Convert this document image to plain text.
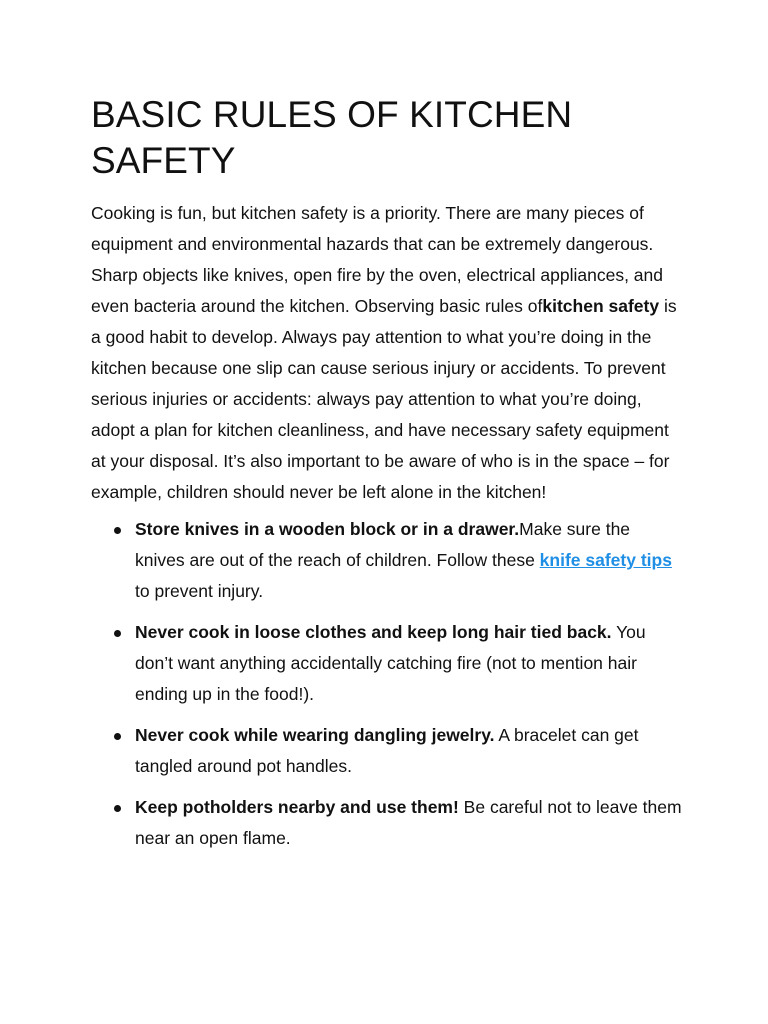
BASIC RULES OF KITCHEN SAFETY

Cooking is fun, but kitchen safety is a priority. There are many pieces of equipment and environmental hazards that can be extremely dangerous. Sharp objects like knives, open fire by the oven, electrical appliances, and even bacteria around the kitchen. Observing basic rules ofkitchen safety is a good habit to develop. Always pay attention to what you’re doing in the kitchen because one slip can cause serious injury or accidents. To prevent serious injuries or accidents: always pay attention to what you’re doing, adopt a plan for kitchen cleanliness, and have necessary safety equipment at your disposal. It’s also important to be aware of who is in the space – for example, children should never be left alone in the kitchen!

Store knives in a wooden block or in a drawer.Make sure the knives are out of the reach of children. Follow these knife safety tips to prevent injury.
Never cook in loose clothes and keep long hair tied back. You don’t want anything accidentally catching fire (not to mention hair ending up in the food!).
Never cook while wearing dangling jewelry. A bracelet can get tangled around pot handles.
Keep potholders nearby and use them! Be careful not to leave them near an open flame.
